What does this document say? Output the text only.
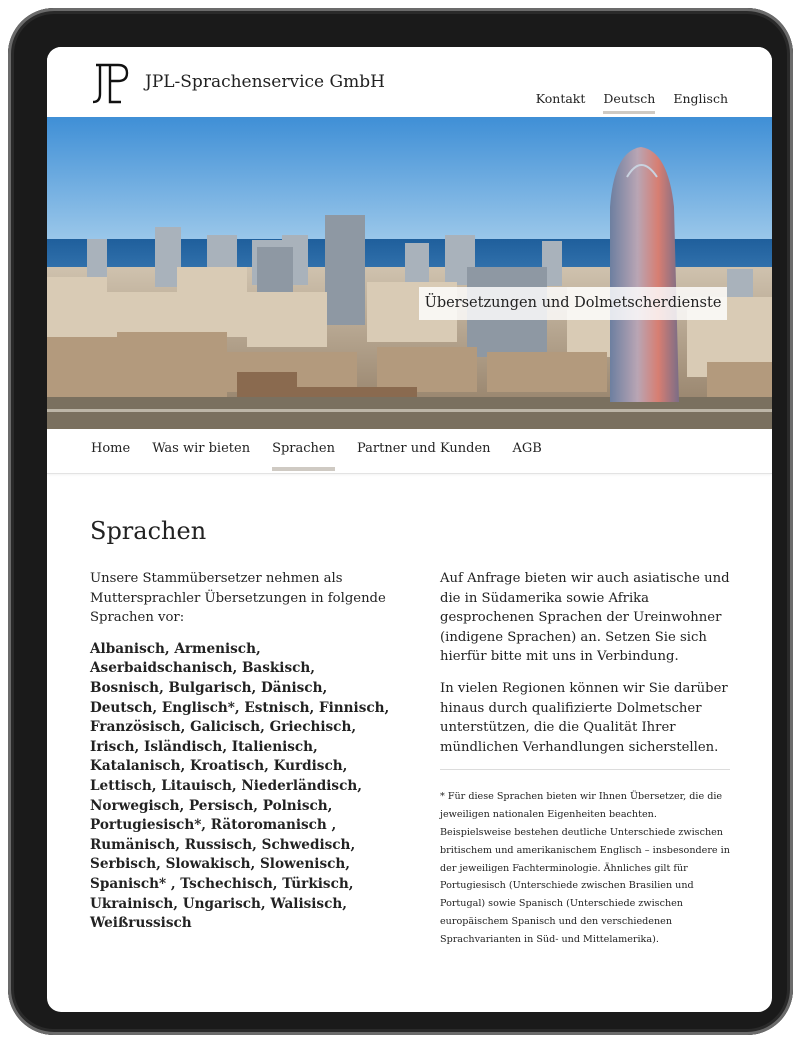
JPL-Sprachenservice GmbH
Kontakt Deutsch Englisch
Übersetzungen und Dolmetscherdienste
Home Was wir bieten Sprachen Partner und Kunden AGB
Sprachen

Unsere Stammübersetzer nehmen als Muttersprachler Übersetzungen in folgende Sprachen vor:

Albanisch, Armenisch, Aserbaidschanisch, Baskisch, Bosnisch, Bulgarisch, Dänisch, Deutsch, Englisch*, Estnisch, Finnisch, Französisch, Galicisch, Griechisch, Irisch, Isländisch, Italienisch, Katalanisch, Kroatisch, Kurdisch, Lettisch, Litauisch, Niederländisch, Norwegisch, Persisch, Polnisch, Portugiesisch*, Rätoromanisch , Rumänisch, Russisch, Schwedisch, Serbisch, Slowakisch, Slowenisch, Spanisch* , Tschechisch, Türkisch, Ukrainisch, Ungarisch, Walisisch, Weißrussisch

Auf Anfrage bieten wir auch asiatische und die in Südamerika sowie Afrika gesprochenen Sprachen der Ureinwohner (indigene Sprachen) an. Setzen Sie sich hierfür bitte mit uns in Verbindung.

In vielen Regionen können wir Sie darüber hinaus durch qualifizierte Dolmetscher unterstützen, die die Qualität Ihrer mündlichen Verhandlungen sicherstellen.

* Für diese Sprachen bieten wir Ihnen Übersetzer, die die jeweiligen nationalen Eigenheiten beachten. Beispielsweise bestehen deutliche Unterschiede zwischen britischem und amerikanischem Englisch – insbesondere in der jeweiligen Fachterminologie. Ähnliches gilt für Portugiesisch (Unterschiede zwischen Brasilien und Portugal) sowie Spanisch (Unterschiede zwischen europäischem Spanisch und den verschiedenen Sprachvarianten in Süd- und Mittelamerika).
